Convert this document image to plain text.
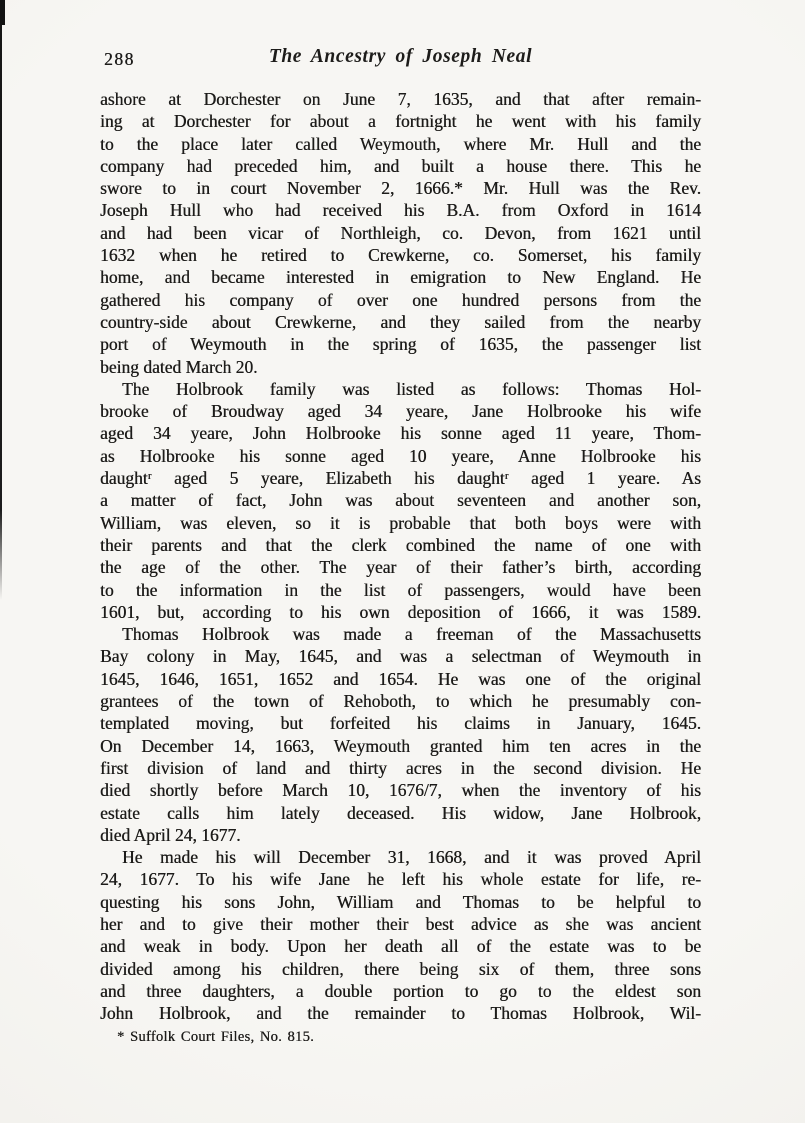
288	The Ancestry of Joseph Neal
ashore at Dorchester on June 7, 1635, and that after remain-
ing at Dorchester for about a fortnight he went with his family
to the place later called Weymouth, where Mr. Hull and the
company had preceded him, and built a house there. This he
swore to in court November 2, 1666.* Mr. Hull was the Rev.
Joseph Hull who had received his B.A. from Oxford in 1614
and had been vicar of Northleigh, co. Devon, from 1621 until
1632 when he retired to Crewkerne, co. Somerset, his family
home, and became interested in emigration to New England. He
gathered his company of over one hundred persons from the
country-side about Crewkerne, and they sailed from the nearby
port of Weymouth in the spring of 1635, the passenger list
being dated March 20.
The Holbrook family was listed as follows: Thomas Hol-
brooke of Broudway aged 34 yeare, Jane Holbrooke his wife
aged 34 yeare, John Holbrooke his sonne aged 11 yeare, Thom-
as Holbrooke his sonne aged 10 yeare, Anne Holbrooke his
daughtʳ aged 5 yeare, Elizabeth his daughtʳ aged 1 yeare. As
a matter of fact, John was about seventeen and another son,
William, was eleven, so it is probable that both boys were with
their parents and that the clerk combined the name of one with
the age of the other. The year of their father’s birth, according
to the information in the list of passengers, would have been
1601, but, according to his own deposition of 1666, it was 1589.
Thomas Holbrook was made a freeman of the Massachusetts
Bay colony in May, 1645, and was a selectman of Weymouth in
1645, 1646, 1651, 1652 and 1654. He was one of the original
grantees of the town of Rehoboth, to which he presumably con-
templated moving, but forfeited his claims in January, 1645.
On December 14, 1663, Weymouth granted him ten acres in the
first division of land and thirty acres in the second division. He
died shortly before March 10, 1676/7, when the inventory of his
estate calls him lately deceased. His widow, Jane Holbrook,
died April 24, 1677.
He made his will December 31, 1668, and it was proved April
24, 1677. To his wife Jane he left his whole estate for life, re-
questing his sons John, William and Thomas to be helpful to
her and to give their mother their best advice as she was ancient
and weak in body. Upon her death all of the estate was to be
divided among his children, there being six of them, three sons
and three daughters, a double portion to go to the eldest son
John Holbrook, and the remainder to Thomas Holbrook, Wil-
* Suffolk Court Files, No. 815.
